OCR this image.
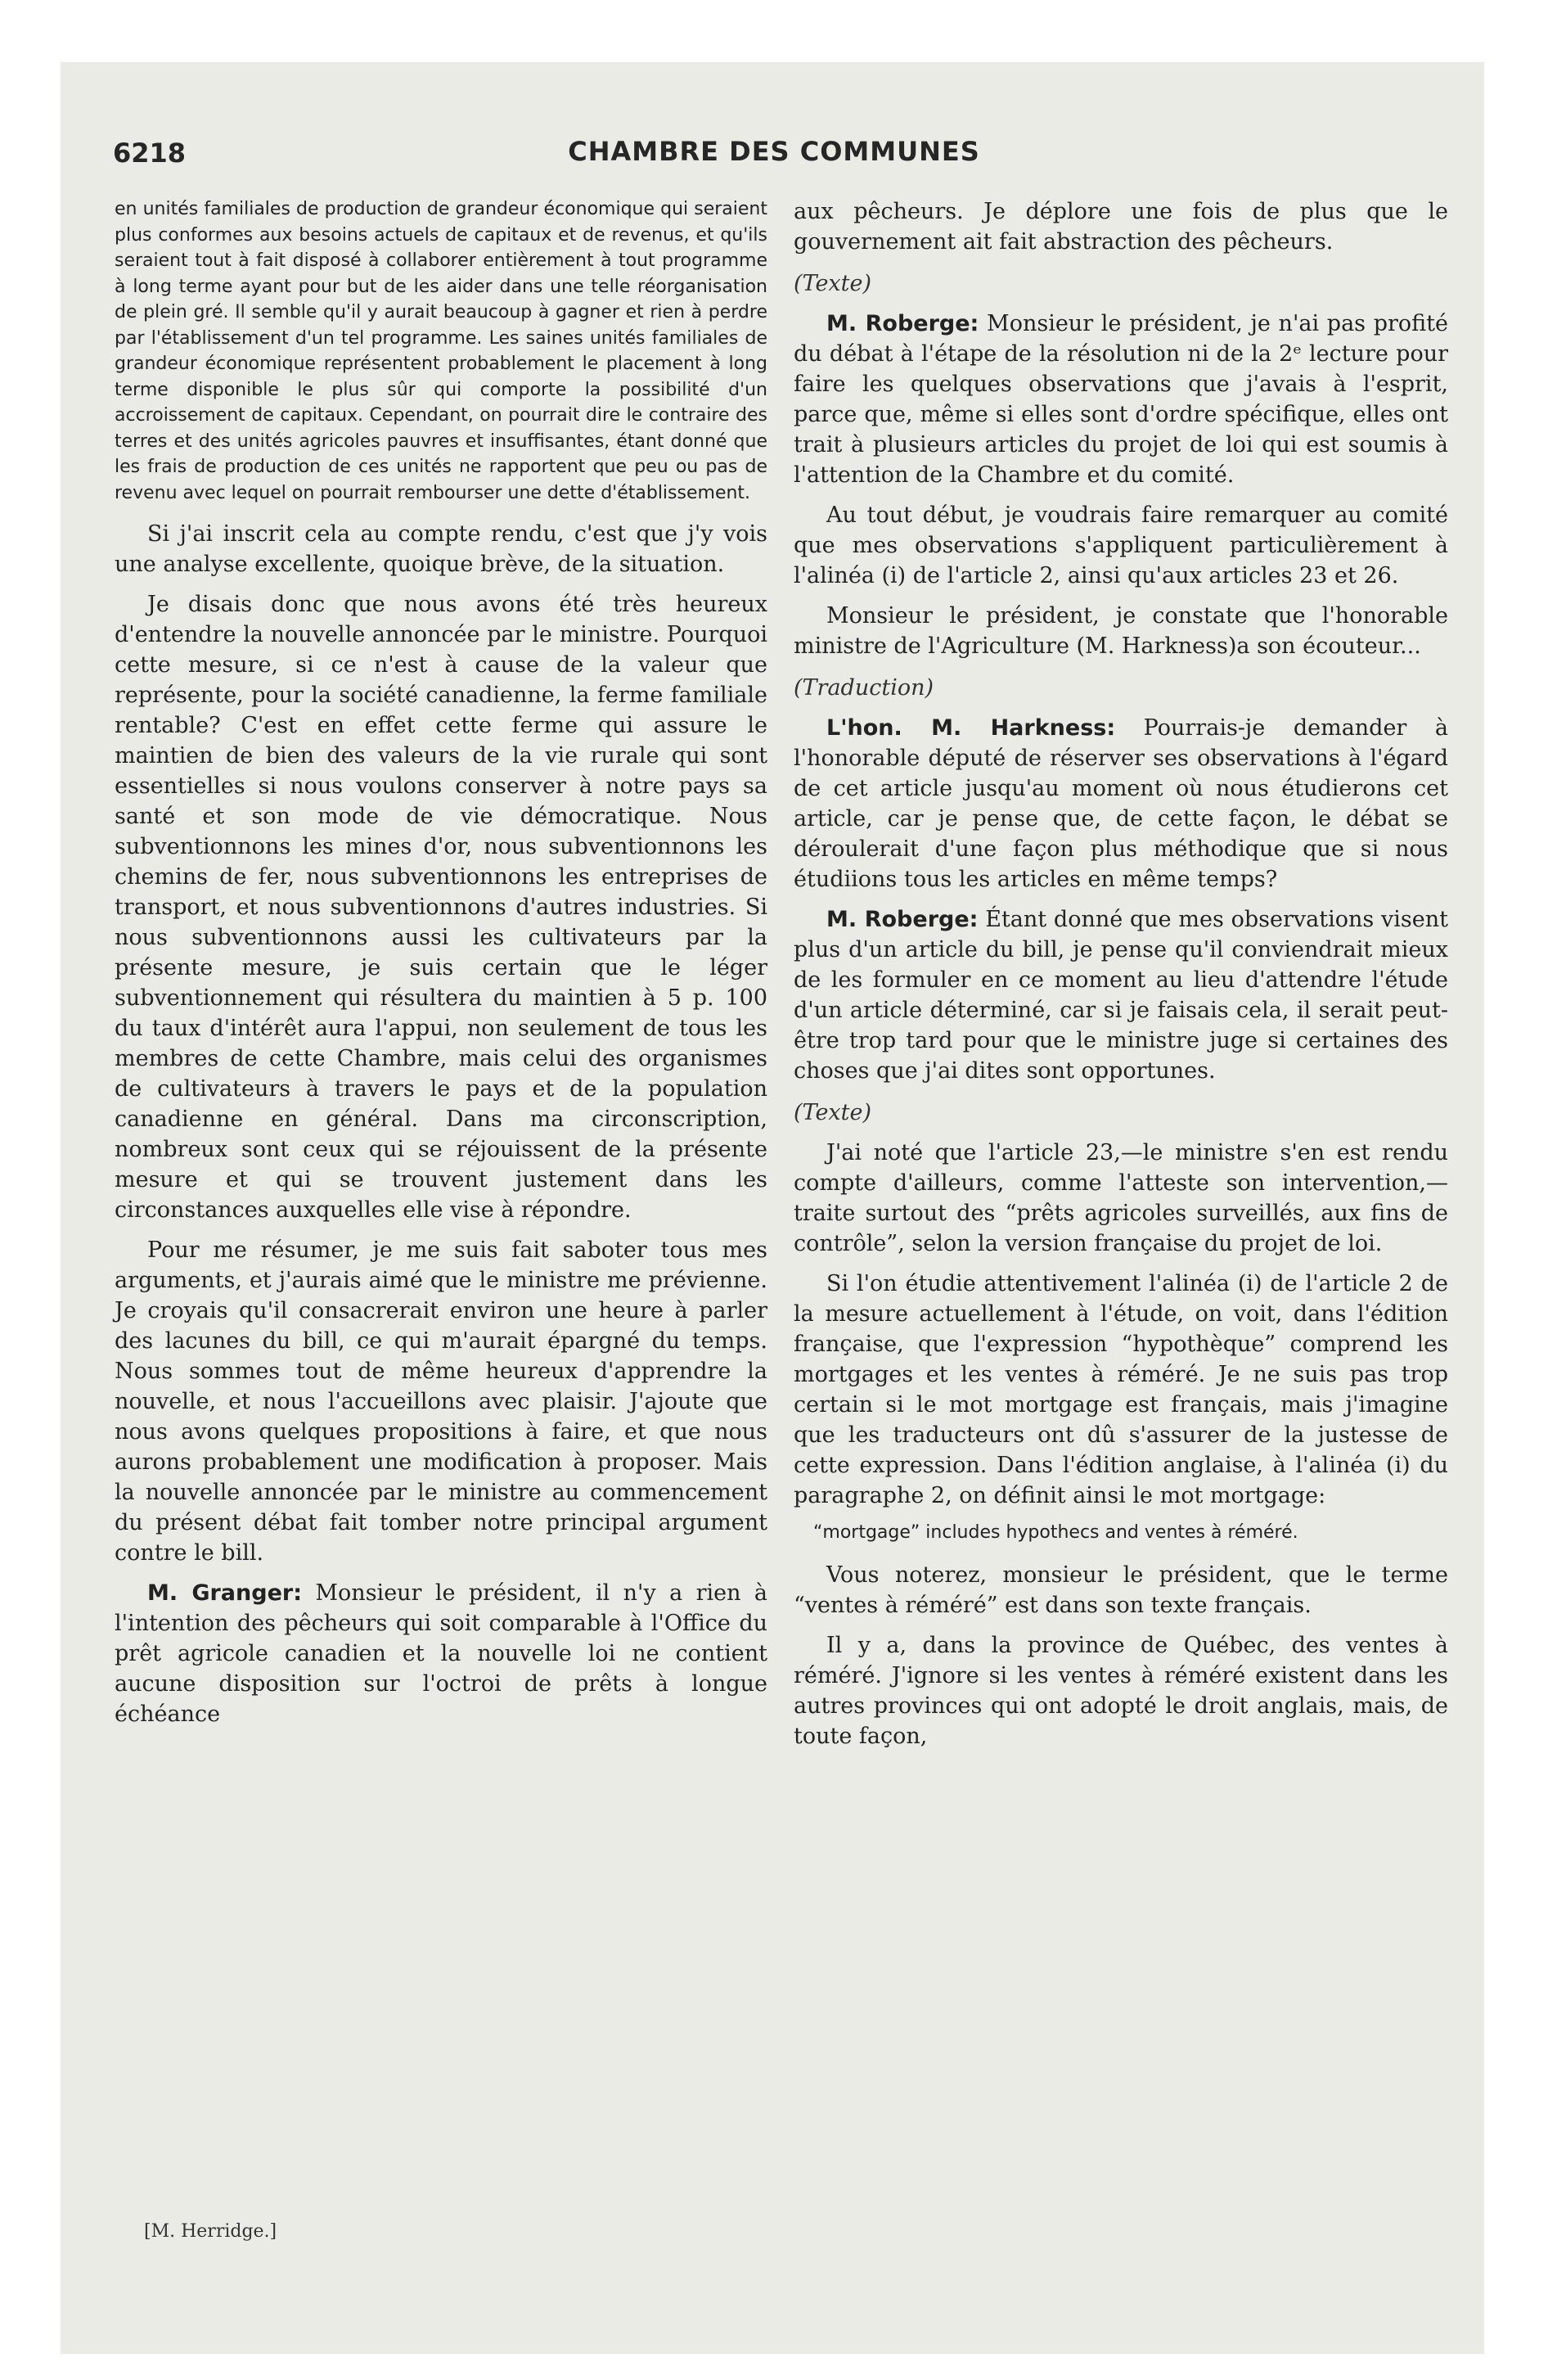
6218	CHAMBRE DES COMMUNES
en unités familiales de production de grandeur économique qui seraient plus conformes aux besoins actuels de capitaux et de revenus, et qu'ils seraient tout à fait disposé à collaborer entièrement à tout programme à long terme ayant pour but de les aider dans une telle réorganisation de plein gré. Il semble qu'il y aurait beaucoup à gagner et rien à perdre par l'établissement d'un tel programme. Les saines unités familiales de grandeur économique représentent probablement le placement à long terme disponible le plus sûr qui comporte la possibilité d'un accroissement de capitaux. Cependant, on pourrait dire le contraire des terres et des unités agricoles pauvres et insuffisantes, étant donné que les frais de production de ces unités ne rapportent que peu ou pas de revenu avec lequel on pourrait rembourser une dette d'établissement.

Si j'ai inscrit cela au compte rendu, c'est que j'y vois une analyse excellente, quoique brève, de la situation.

Je disais donc que nous avons été très heureux d'entendre la nouvelle annoncée par le ministre. Pourquoi cette mesure, si ce n'est à cause de la valeur que représente, pour la société canadienne, la ferme familiale rentable? C'est en effet cette ferme qui assure le maintien de bien des valeurs de la vie rurale qui sont essentielles si nous voulons conserver à notre pays sa santé et son mode de vie démocratique. Nous subventionnons les mines d'or, nous subventionnons les chemins de fer, nous subventionnons les entreprises de transport, et nous subventionnons d'autres industries. Si nous subventionnons aussi les cultivateurs par la présente mesure, je suis certain que le léger subventionnement qui résultera du maintien à 5 p. 100 du taux d'intérêt aura l'appui, non seulement de tous les membres de cette Chambre, mais celui des organismes de cultivateurs à travers le pays et de la population canadienne en général. Dans ma circonscription, nombreux sont ceux qui se réjouissent de la présente mesure et qui se trouvent justement dans les circonstances auxquelles elle vise à répondre.

Pour me résumer, je me suis fait saboter tous mes arguments, et j'aurais aimé que le ministre me prévienne. Je croyais qu'il consacrerait environ une heure à parler des lacunes du bill, ce qui m'aurait épargné du temps. Nous sommes tout de même heureux d'apprendre la nouvelle, et nous l'accueillons avec plaisir. J'ajoute que nous avons quelques propositions à faire, et que nous aurons probablement une modification à proposer. Mais la nouvelle annoncée par le ministre au commencement du présent débat fait tomber notre principal argument contre le bill.

M. Granger: Monsieur le président, il n'y a rien à l'intention des pêcheurs qui soit comparable à l'Office du prêt agricole canadien et la nouvelle loi ne contient aucune disposition sur l'octroi de prêts à longue échéance

aux pêcheurs. Je déplore une fois de plus que le gouvernement ait fait abstraction des pêcheurs.

(Texte)

M. Roberge: Monsieur le président, je n'ai pas profité du débat à l'étape de la résolution ni de la 2ᵉ lecture pour faire les quelques observations que j'avais à l'esprit, parce que, même si elles sont d'ordre spécifique, elles ont trait à plusieurs articles du projet de loi qui est soumis à l'attention de la Chambre et du comité.

Au tout début, je voudrais faire remarquer au comité que mes observations s'appliquent particulièrement à l'alinéa (i) de l'article 2, ainsi qu'aux articles 23 et 26.

Monsieur le président, je constate que l'honorable ministre de l'Agriculture (M. Harkness)a son écouteur...

(Traduction)

L'hon. M. Harkness: Pourrais-je demander à l'honorable député de réserver ses observations à l'égard de cet article jusqu'au moment où nous étudierons cet article, car je pense que, de cette façon, le débat se déroulerait d'une façon plus méthodique que si nous étudiions tous les articles en même temps?

M. Roberge: Étant donné que mes observations visent plus d'un article du bill, je pense qu'il conviendrait mieux de les formuler en ce moment au lieu d'attendre l'étude d'un article déterminé, car si je faisais cela, il serait peut-être trop tard pour que le ministre juge si certaines des choses que j'ai dites sont opportunes.

(Texte)

J'ai noté que l'article 23,—le ministre s'en est rendu compte d'ailleurs, comme l'atteste son intervention,—traite surtout des “prêts agricoles surveillés, aux fins de contrôle”, selon la version française du projet de loi.

Si l'on étudie attentivement l'alinéa (i) de l'article 2 de la mesure actuellement à l'étude, on voit, dans l'édition française, que l'expression “hypothèque” comprend les mortgages et les ventes à réméré. Je ne suis pas trop certain si le mot mortgage est français, mais j'imagine que les traducteurs ont dû s'assurer de la justesse de cette expression. Dans l'édition anglaise, à l'alinéa (i) du paragraphe 2, on définit ainsi le mot mortgage:

“mortgage” includes hypothecs and ventes à réméré.

Vous noterez, monsieur le président, que le terme “ventes à réméré” est dans son texte français.

Il y a, dans la province de Québec, des ventes à réméré. J'ignore si les ventes à réméré existent dans les autres provinces qui ont adopté le droit anglais, mais, de toute façon,

[M. Herridge.]
